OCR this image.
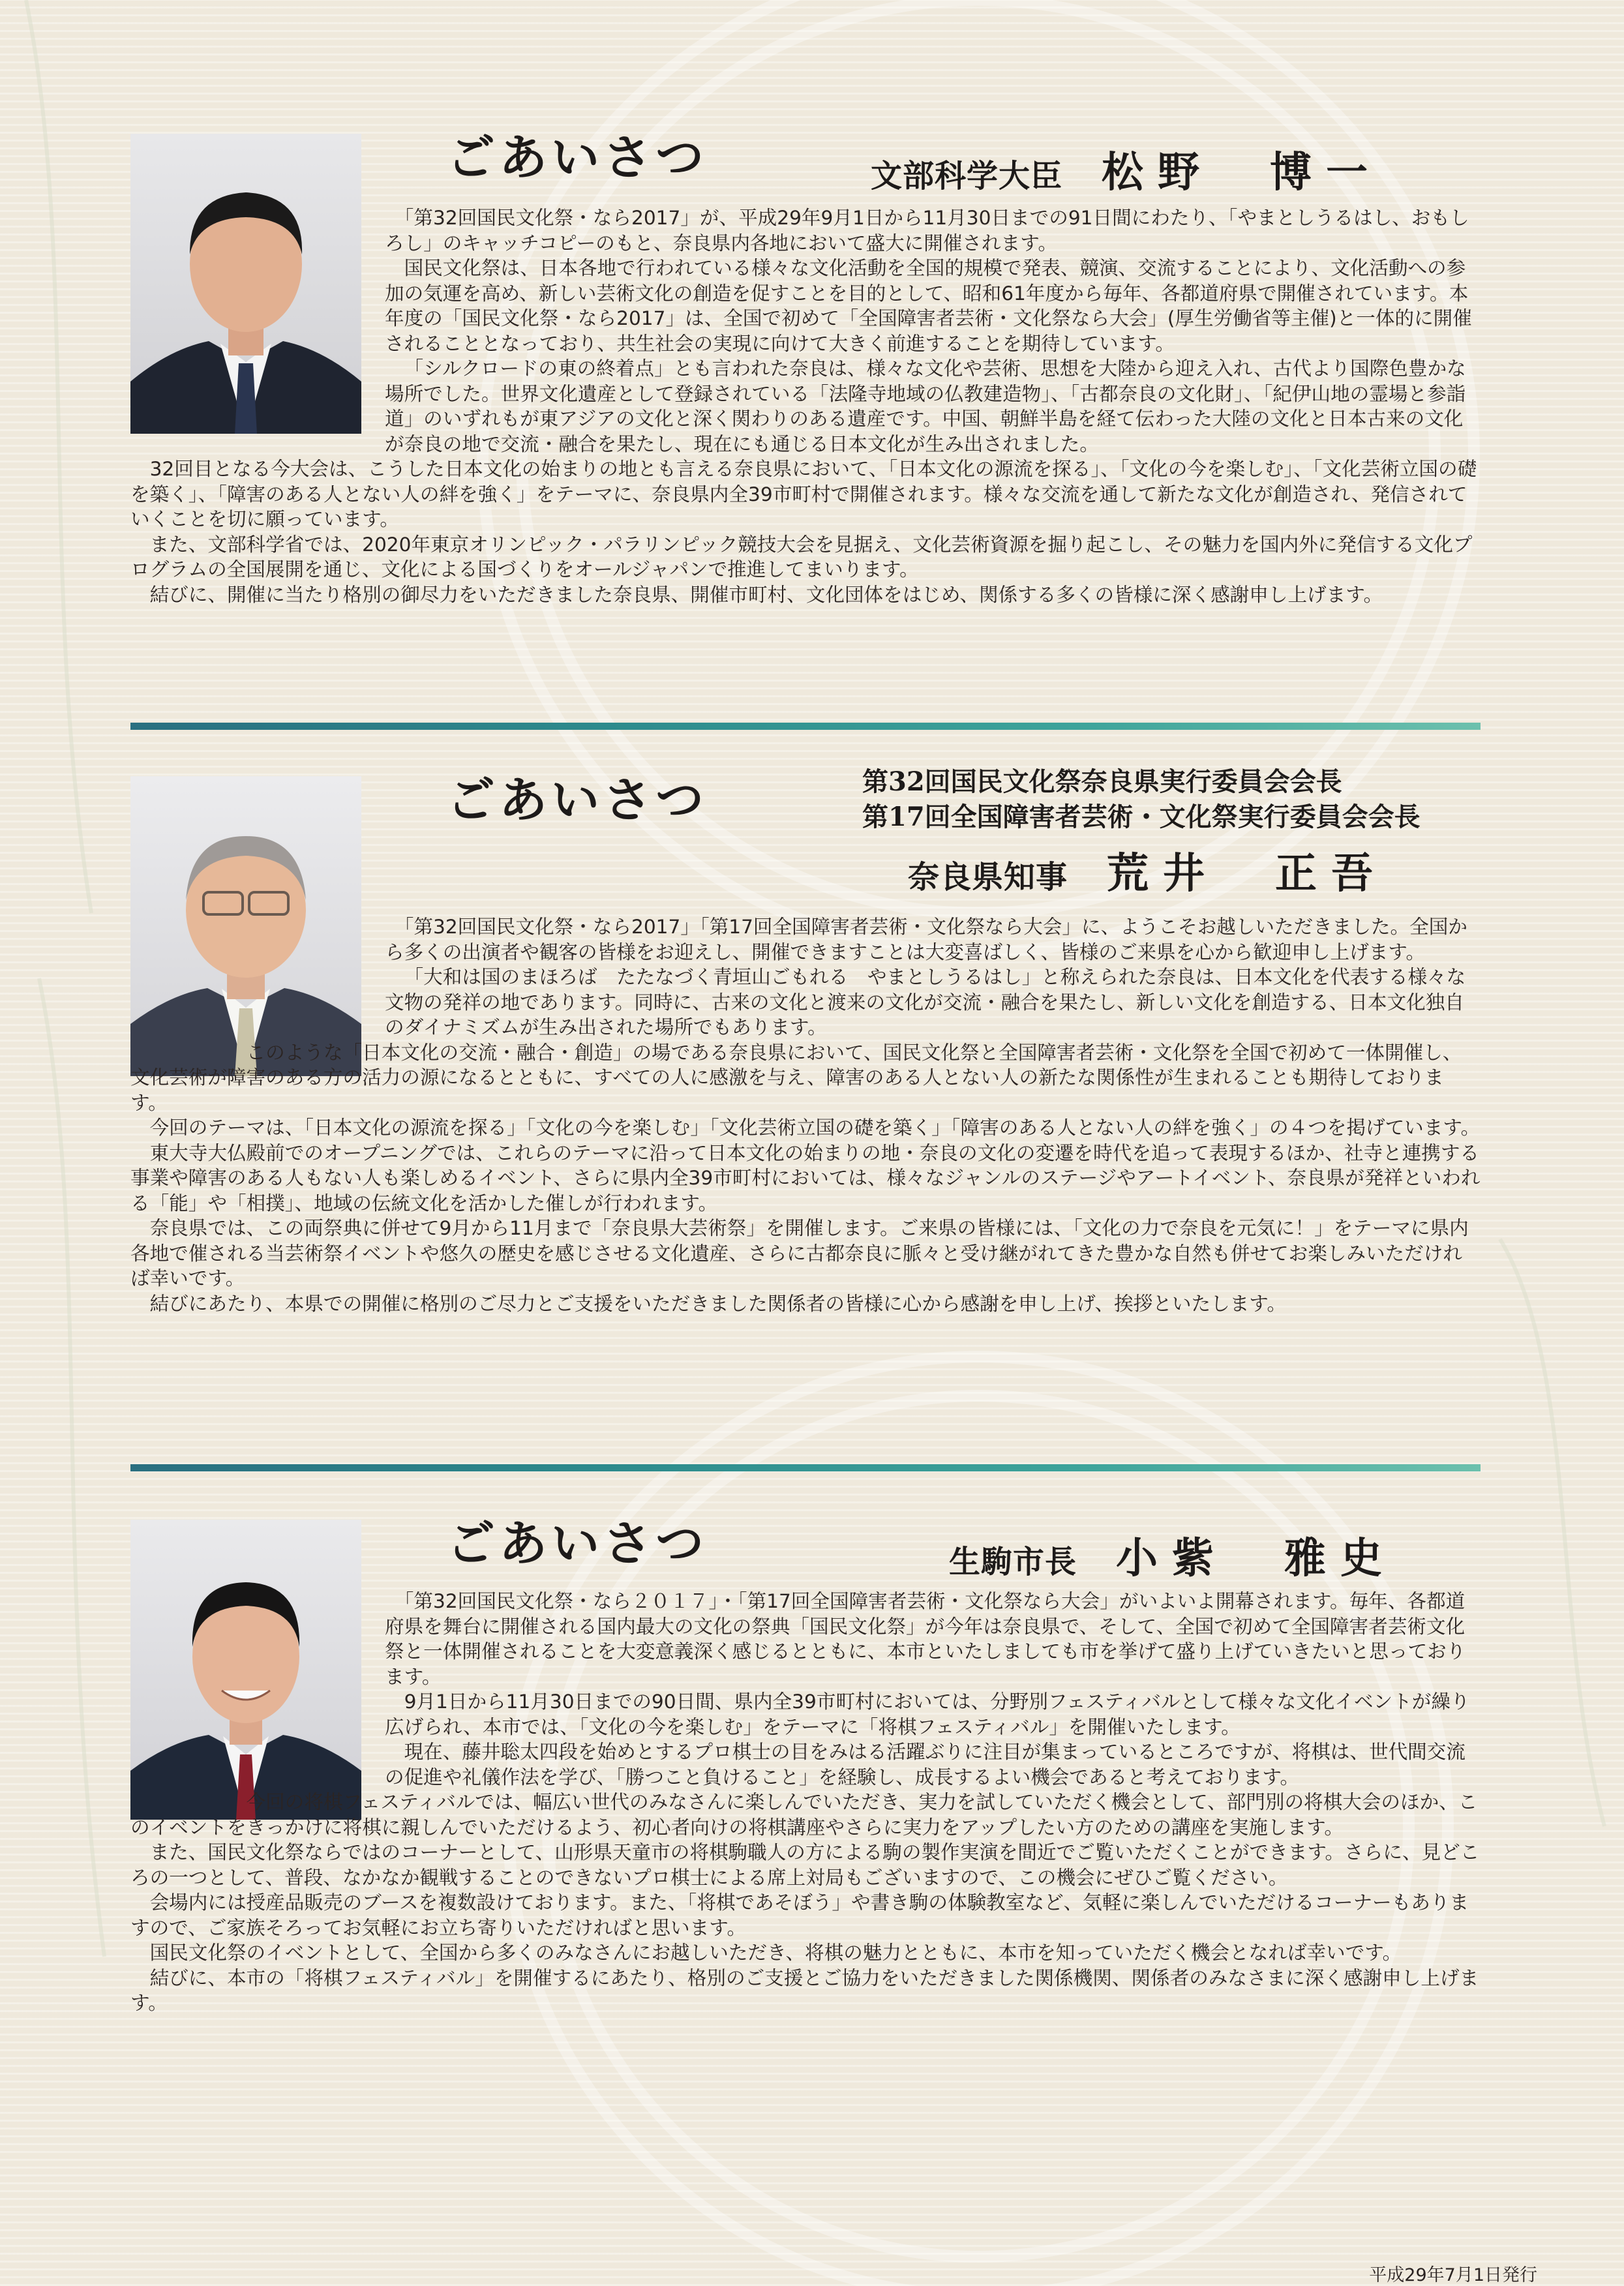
ごあいさつ	文部科学大臣 松野　博一

「第32回国民文化祭・なら2017」が、平成29年9月1日から11月30日までの91日間にわたり、「やまとしうるはし、おもしろし」のキャッチコピーのもと、奈良県内各地において盛大に開催されます。

国民文化祭は、日本各地で行われている様々な文化活動を全国的規模で発表、競演、交流することにより、文化活動への参加の気運を高め、新しい芸術文化の創造を促すことを目的として、昭和61年度から毎年、各都道府県で開催されています。本年度の「国民文化祭・なら2017」は、全国で初めて「全国障害者芸術・文化祭なら大会」(厚生労働省等主催)と一体的に開催されることとなっており、共生社会の実現に向けて大きく前進することを期待しています。

「シルクロードの東の終着点」とも言われた奈良は、様々な文化や芸術、思想を大陸から迎え入れ、古代より国際色豊かな場所でした。世界文化遺産として登録されている「法隆寺地域の仏教建造物」、「古都奈良の文化財」、「紀伊山地の霊場と参詣道」のいずれもが東アジアの文化と深く関わりのある遺産です。中国、朝鮮半島を経て伝わった大陸の文化と日本古来の文化が奈良の地で交流・融合を果たし、現在にも通じる日本文化が生み出されました。

32回目となる今大会は、こうした日本文化の始まりの地とも言える奈良県において、「日本文化の源流を探る」、「文化の今を楽しむ」、「文化芸術立国の礎を築く」、「障害のある人とない人の絆を強く」をテーマに、奈良県内全39市町村で開催されます。様々な交流を通して新たな文化が創造され、発信されていくことを切に願っています。

また、文部科学省では、2020年東京オリンピック・パラリンピック競技大会を見据え、文化芸術資源を掘り起こし、その魅力を国内外に発信する文化プログラムの全国展開を通じ、文化による国づくりをオールジャパンで推進してまいります。

結びに、開催に当たり格別の御尽力をいただきました奈良県、開催市町村、文化団体をはじめ、関係する多くの皆様に深く感謝申し上げます。

ごあいさつ	第32回国民文化祭奈良県実行委員会会長
第17回全国障害者芸術・文化祭実行委員会会長
奈良県知事 荒井　正吾

「第32回国民文化祭・なら2017」「第17回全国障害者芸術・文化祭なら大会」に、ようこそお越しいただきました。全国から多くの出演者や観客の皆様をお迎えし、開催できますことは大変喜ばしく、皆様のご来県を心から歓迎申し上げます。

「大和は国のまほろば　たたなづく青垣山ごもれる　やまとしうるはし」と称えられた奈良は、日本文化を代表する様々な文物の発祥の地であります。同時に、古来の文化と渡来の文化が交流・融合を果たし、新しい文化を創造する、日本文化独自のダイナミズムが生み出された場所でもあります。

このような「日本文化の交流・融合・創造」の場である奈良県において、国民文化祭と全国障害者芸術・文化祭を全国で初めて一体開催し、文化芸術が障害のある方の活力の源になるとともに、すべての人に感激を与え、障害のある人とない人の新たな関係性が生まれることも期待しております。

今回のテーマは、「日本文化の源流を探る」「文化の今を楽しむ」「文化芸術立国の礎を築く」「障害のある人とない人の絆を強く」の４つを掲げています。

東大寺大仏殿前でのオープニングでは、これらのテーマに沿って日本文化の始まりの地・奈良の文化の変遷を時代を追って表現するほか、社寺と連携する事業や障害のある人もない人も楽しめるイベント、さらに県内全39市町村においては、様々なジャンルのステージやアートイベント、奈良県が発祥といわれる「能」や「相撲」、地域の伝統文化を活かした催しが行われます。

奈良県では、この両祭典に併せて9月から11月まで「奈良県大芸術祭」を開催します。ご来県の皆様には、「文化の力で奈良を元気に！」をテーマに県内各地で催される当芸術祭イベントや悠久の歴史を感じさせる文化遺産、さらに古都奈良に脈々と受け継がれてきた豊かな自然も併せてお楽しみいただければ幸いです。

結びにあたり、本県での開催に格別のご尽力とご支援をいただきました関係者の皆様に心から感謝を申し上げ、挨拶といたします。

ごあいさつ	生駒市長 小紫　雅史

「第32回国民文化祭・なら２０１７」・「第17回全国障害者芸術・文化祭なら大会」がいよいよ開幕されます。毎年、各都道府県を舞台に開催される国内最大の文化の祭典「国民文化祭」が今年は奈良県で、そして、全国で初めて全国障害者芸術文化祭と一体開催されることを大変意義深く感じるとともに、本市といたしましても市を挙げて盛り上げていきたいと思っております。

9月1日から11月30日までの90日間、県内全39市町村においては、分野別フェスティバルとして様々な文化イベントが繰り広げられ、本市では、「文化の今を楽しむ」をテーマに「将棋フェスティバル」を開催いたします。

現在、藤井聡太四段を始めとするプロ棋士の目をみはる活躍ぶりに注目が集まっているところですが、将棋は、世代間交流の促進や礼儀作法を学び、「勝つこと負けること」を経験し、成長するよい機会であると考えております。

今回の将棋フェスティバルでは、幅広い世代のみなさんに楽しんでいただき、実力を試していただく機会として、部門別の将棋大会のほか、このイベントをきっかけに将棋に親しんでいただけるよう、初心者向けの将棋講座やさらに実力をアップしたい方のための講座を実施します。

また、国民文化祭ならではのコーナーとして、山形県天童市の将棋駒職人の方による駒の製作実演を間近でご覧いただくことができます。さらに、見どころの一つとして、普段、なかなか観戦することのできないプロ棋士による席上対局もございますので、この機会にぜひご覧ください。

会場内には授産品販売のブースを複数設けております。また、「将棋であそぼう」や書き駒の体験教室など、気軽に楽しんでいただけるコーナーもありますので、ご家族そろってお気軽にお立ち寄りいただければと思います。

国民文化祭のイベントとして、全国から多くのみなさんにお越しいただき、将棋の魅力とともに、本市を知っていただく機会となれば幸いです。

結びに、本市の「将棋フェスティバル」を開催するにあたり、格別のご支援とご協力をいただきました関係機関、関係者のみなさまに深く感謝申し上げます。

平成29年7月1日発行
